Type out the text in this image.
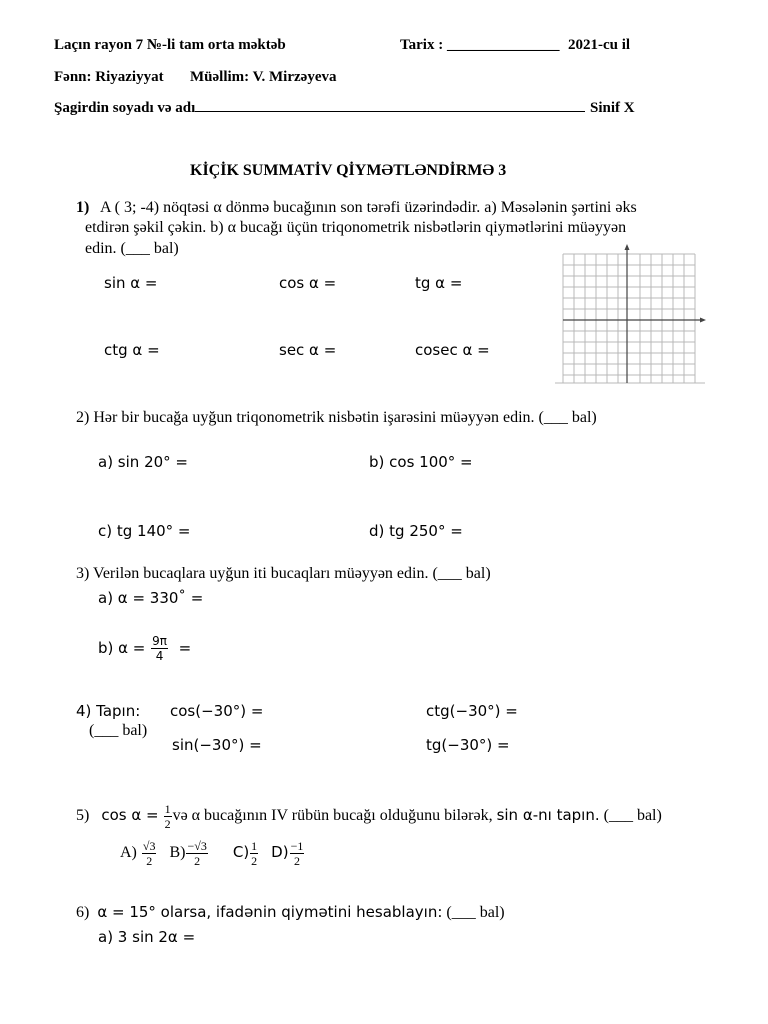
Laçın rayon 7 №-li tam orta məktəb	Tarix : _______________ 2021-cu il
Fənn: Riyaziyyat Müəllim: V. Mirzəyeva
Şagirdin soyadı və adı	Sinif X
KİÇİK SUMMATİV QİYMƏTLƏNDİRMƏ 3
1) A ( 3; -4) nöqtəsi α dönmə bucağının son tərəfi üzərindədir. a) Məsələnin şərtini əks
etdirən şəkil çəkin. b) α bucağı üçün triqonometrik nisbətlərin qiymətlərini müəyyən
edin. (___ bal)
sin α =	cos α =	tg α =
ctg α =	sec α =	cosec α =
2) Hər bir bucağa uyğun triqonometrik nisbətin işarəsini müəyyən edin. (___ bal)
a) sin 20° =	b) cos 100° =
c) tg 140° =	d) tg 250° =
3) Verilən bucaqlara uyğun iti bucaqları müəyyən edin. (___ bal)
a) α = 330˚ =
b) $\alpha = \frac{9\pi}{4}$ =
4) Tapın:
(___ bal)
cos(−30°) =	ctg(−30°) =
sin(−30°) =	tg(−30°) =
5) $\cos \alpha = \frac{1}{2}$ və α bucağının IV rübün bucağı olduğunu bilərək, sin α-nı tapın. (___ bal)
$A) \frac{√3}{2} B) \frac{-√3}{2} C) \frac{1}{2} D) \frac{-1}{2}$
6) α = 15° olarsa, ifadənin qiymətini hesablayın: (___ bal)
a) 3 sin 2α =
